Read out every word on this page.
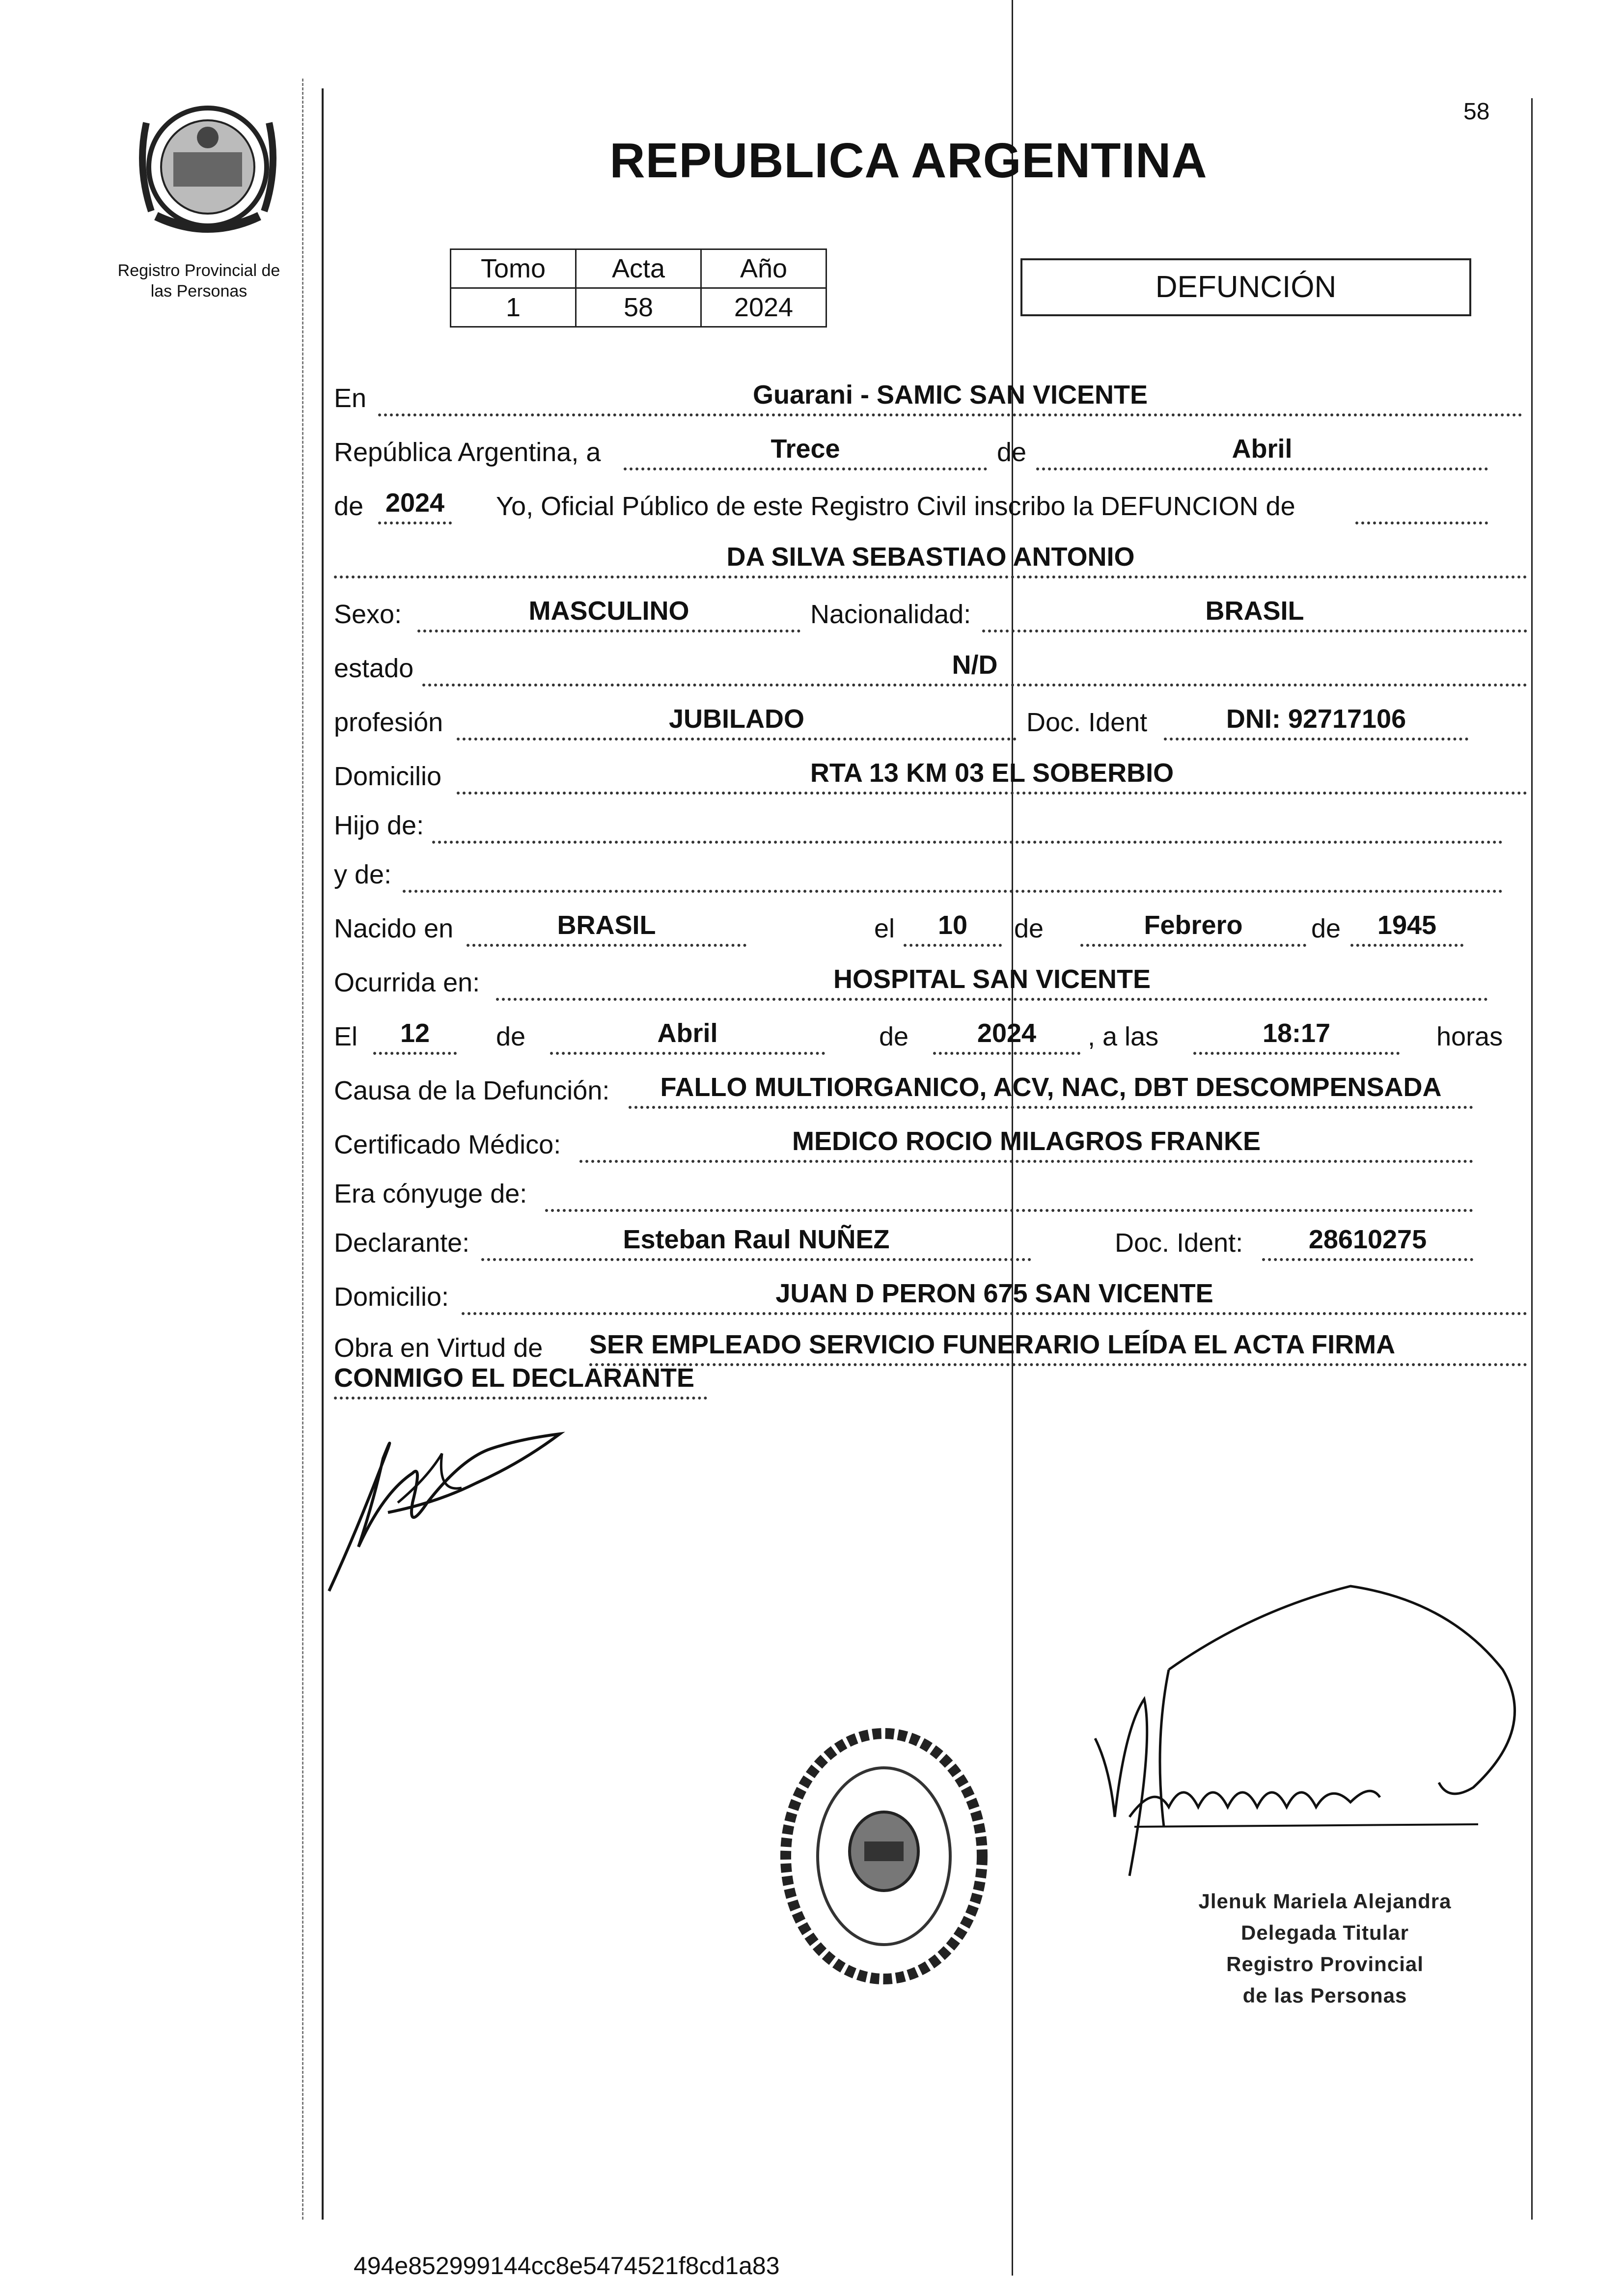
Registro Provincial de
las Personas
58
REPUBLICA ARGENTINA
Tomo	Acta	Año
1	58	2024
DEFUNCIÓN
En	Guarani - SAMIC SAN VICENTE
República Argentina, a	Trece	de	Abril
de 2024 Yo, Oficial Público de este Registro Civil inscribo la DEFUNCION de
DA SILVA SEBASTIAO ANTONIO
Sexo:	MASCULINO	Nacionalidad:	BRASIL
estado	N/D
profesión	JUBILADO	Doc. Ident	DNI: 92717106
Domicilio	RTA 13 KM 03 EL SOBERBIO
Hijo de:
y de:
Nacido en	BRASIL	el	10	de	Febrero	de	1945
Ocurrida en:	HOSPITAL SAN VICENTE
El	12	de	Abril	de	2024	, a las	18:17	horas
Causa de la Defunción:	FALLO MULTIORGANICO, ACV, NAC, DBT DESCOMPENSADA
Certificado Médico:	MEDICO ROCIO MILAGROS FRANKE
Era cónyuge de:
Declarante:	Esteban Raul NUÑEZ	Doc. Ident:	28610275
Domicilio:	JUAN D PERON 675 SAN VICENTE
Obra en Virtud de SER EMPLEADO SERVICIO FUNERARIO LEÍDA EL ACTA FIRMA
CONMIGO EL DECLARANTE
Jlenuk Mariela Alejandra
Delegada Titular
Registro Provincial
de las Personas
494e852999144cc8e5474521f8cd1a83
